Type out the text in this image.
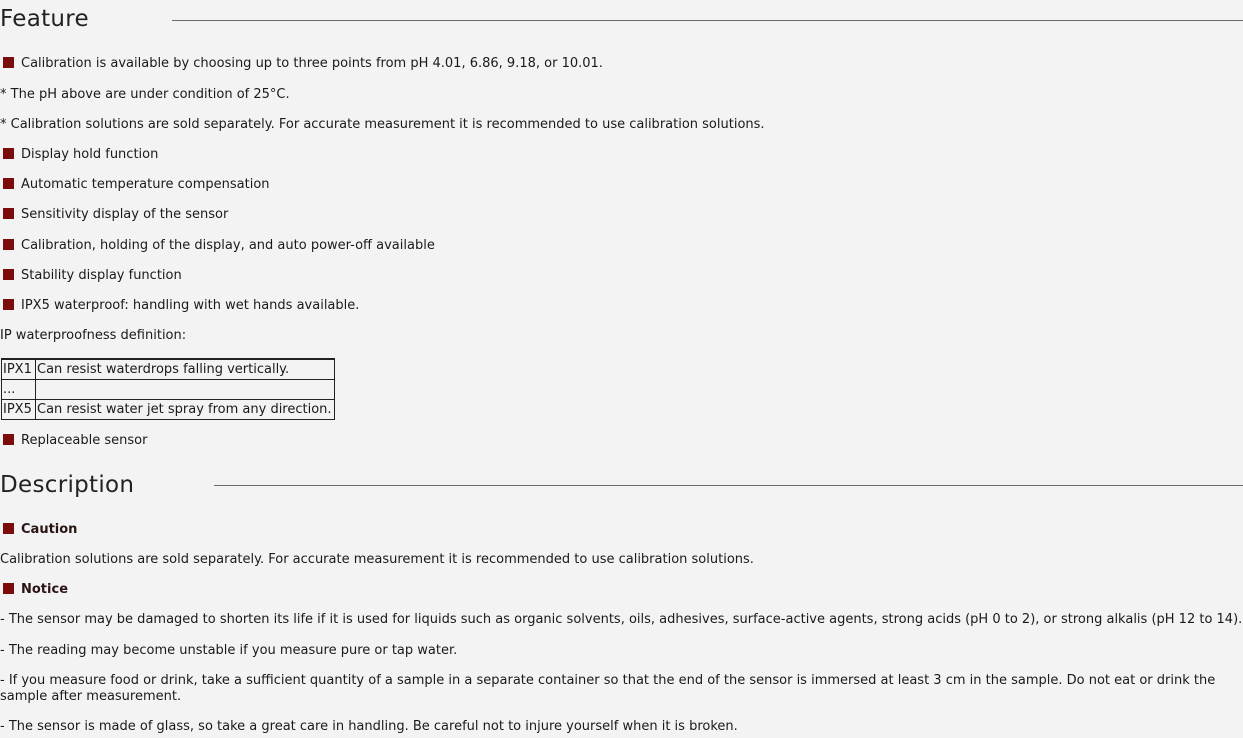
Feature
Calibration is available by choosing up to three points from pH 4.01, 6.86, 9.18, or 10.01.
* The pH above are under condition of 25°C.
* Calibration solutions are sold separately. For accurate measurement it is recommended to use calibration solutions.
Display hold function
Automatic temperature compensation
Sensitivity display of the sensor
Calibration, holding of the display, and auto power-off available
Stability display function
IPX5 waterproof: handling with wet hands available.
IP waterproofness definition:
IPX1	Can resist waterdrops falling vertically.
...	
IPX5	Can resist water jet spray from any direction.
Replaceable sensor
Description
Caution
Calibration solutions are sold separately. For accurate measurement it is recommended to use calibration solutions.
Notice
- The sensor may be damaged to shorten its life if it is used for liquids such as organic solvents, oils, adhesives, surface-active agents, strong acids (pH 0 to 2), or strong alkalis (pH 12 to 14).
- The reading may become unstable if you measure pure or tap water.
- If you measure food or drink, take a sufficient quantity of a sample in a separate container so that the end of the sensor is immersed at least 3 cm in the sample. Do not eat or drink the sample after measurement.
- The sensor is made of glass, so take a great care in handling. Be careful not to injure yourself when it is broken.
